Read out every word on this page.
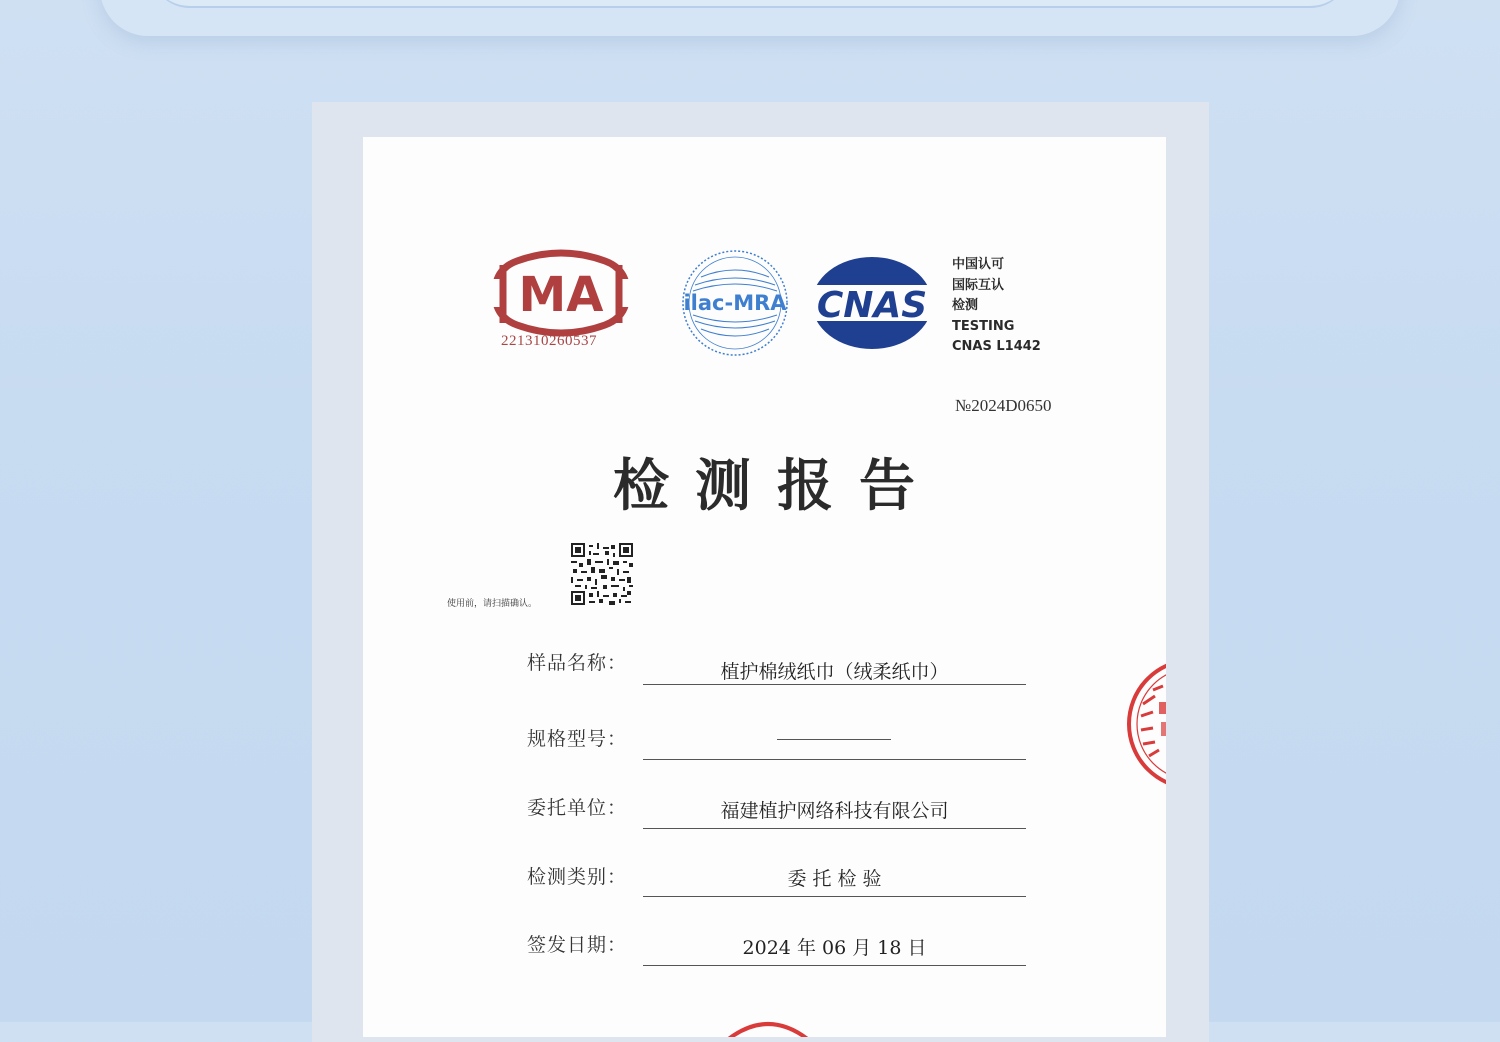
MA
221310260537
ilac-MRA CNAS
中国认可
国际互认
检测
TESTING
CNAS L1442
№2024D0650
检测报告
使用前，请扫描确认。
样品名称：	植护棉绒纸巾（绒柔纸巾）
规格型号：
委托单位：	福建植护网络科技有限公司
检测类别：	委 托 检 验
签发日期：	2024 年 06 月 18 日
